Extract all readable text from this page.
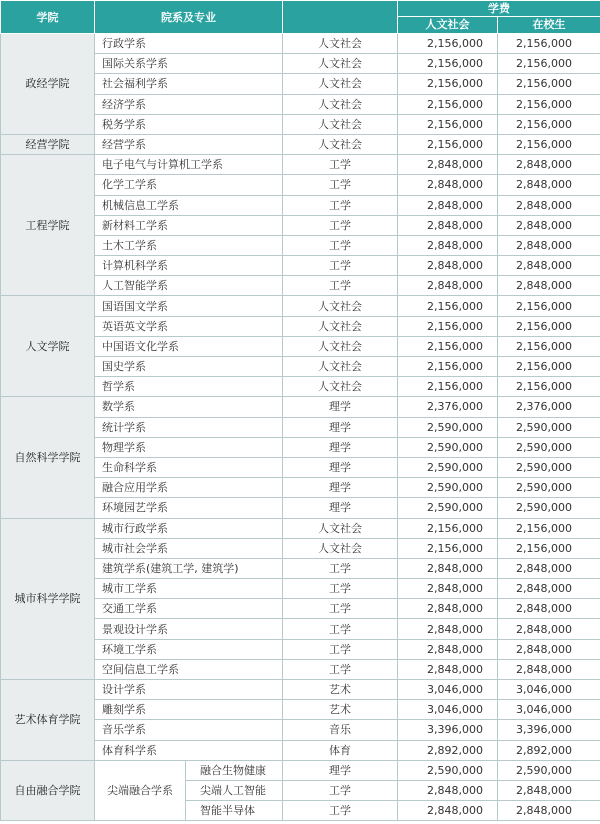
学院	院系及专业			学费	
				人文社会	在校生
政经学院	行政学系		人文社会	2,156,000	2,156,000
	国际关系学系		人文社会	2,156,000	2,156,000
	社会福利学系		人文社会	2,156,000	2,156,000
	经济学系		人文社会	2,156,000	2,156,000
	税务学系		人文社会	2,156,000	2,156,000
经营学院	经营学系		人文社会	2,156,000	2,156,000
工程学院	电子电气与计算机工学系		工学	2,848,000	2,848,000
	化学工学系		工学	2,848,000	2,848,000
	机械信息工学系		工学	2,848,000	2,848,000
	新材料工学系		工学	2,848,000	2,848,000
	土木工学系		工学	2,848,000	2,848,000
	计算机科学系		工学	2,848,000	2,848,000
	人工智能学系		工学	2,848,000	2,848,000
人文学院	国语国文学系		人文社会	2,156,000	2,156,000
	英语英文学系		人文社会	2,156,000	2,156,000
	中国语文化学系		人文社会	2,156,000	2,156,000
	国史学系		人文社会	2,156,000	2,156,000
	哲学系		人文社会	2,156,000	2,156,000
自然科学学院	数学系		理学	2,376,000	2,376,000
	统计学系		理学	2,590,000	2,590,000
	物理学系		理学	2,590,000	2,590,000
	生命科学系		理学	2,590,000	2,590,000
	融合应用学系		理学	2,590,000	2,590,000
	环境园艺学系		理学	2,590,000	2,590,000
城市科学学院	城市行政学系		人文社会	2,156,000	2,156,000
	城市社会学系		人文社会	2,156,000	2,156,000
	建筑学系(建筑工学, 建筑学)		工学	2,848,000	2,848,000
	城市工学系		工学	2,848,000	2,848,000
	交通工学系		工学	2,848,000	2,848,000
	景观设计学系		工学	2,848,000	2,848,000
	环境工学系		工学	2,848,000	2,848,000
	空间信息工学系		工学	2,848,000	2,848,000
艺术体育学院	设计学系		艺术	3,046,000	3,046,000
	雕刻学系		艺术	3,046,000	3,046,000
	音乐学系		音乐	3,396,000	3,396,000
	体育科学系		体育	2,892,000	2,892,000
自由融合学院	尖端融合学系	融合生物健康	理学	2,590,000	2,590,000
		尖端人工智能	工学	2,848,000	2,848,000
		智能半导体	工学	2,848,000	2,848,000
